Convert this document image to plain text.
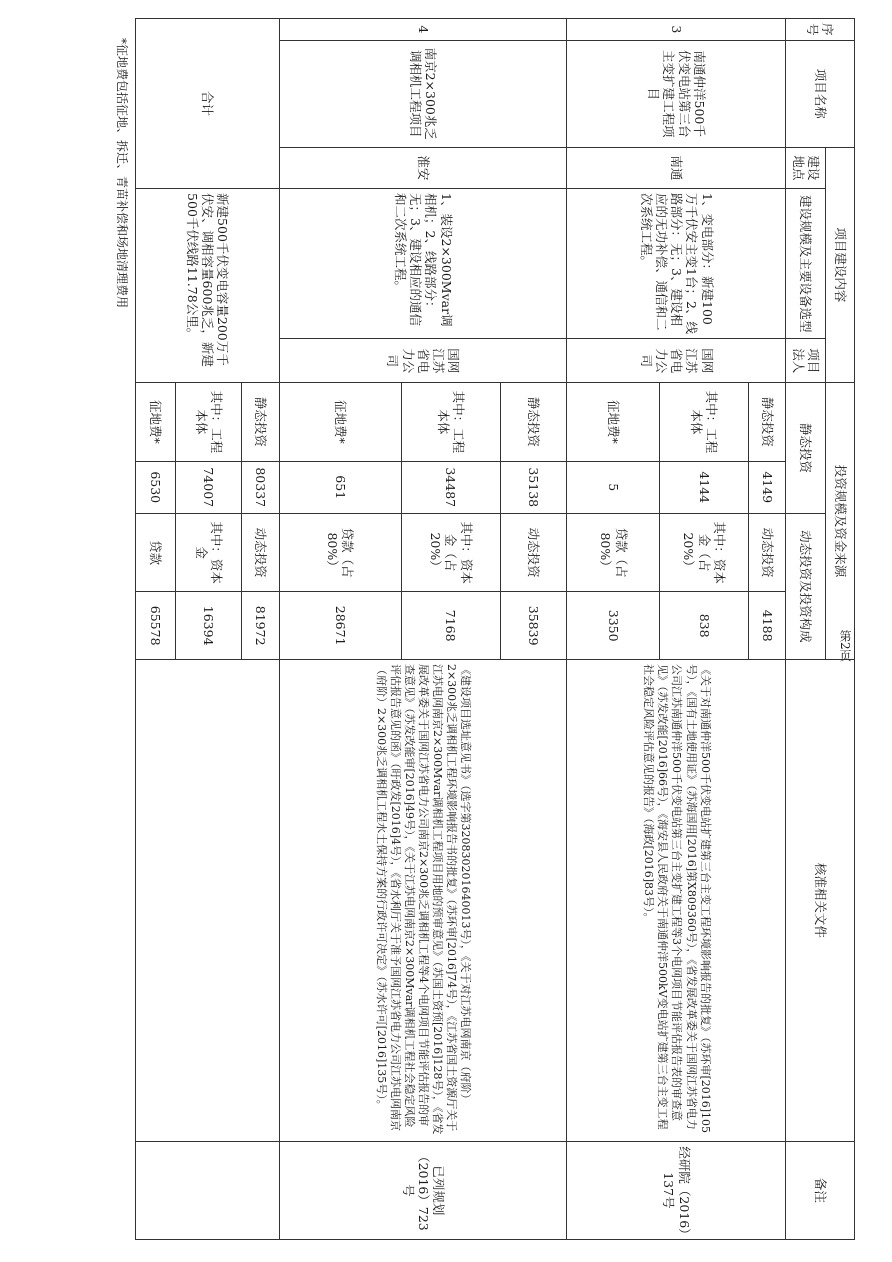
第2页
序号	项目名称	项目建设内容			投资规模及资金来源				核准相关文件	备注
		建设地点	建设规模及主要设备选型	项目法人	静态投资		动态投资及投资构成			
3	南通仲洋500千伏变电站第三台主变扩建工程项目	南通	1、变电部分：新建100万千伏安主变1台；2、线路部分：无；3、建设相应的无功补偿、通信和二次系统工程。	国网江苏省电力公司	静态投资	4149	动态投资	4188	《关于对南通仲洋500千伏变电站扩建第三台主变工程环境影响报告的批复》（苏环审[2016]105号），《国有土地使用证》（苏海国用[2016]第X809360号），《省发展改革委关于国网江苏省电力公司江苏南通仲洋500千伏变电站第三台主变扩建工程等3个电网项目节能评估报告表的审查意见》（苏发改能[2016]66号），《海安县人民政府关于南通仲洋500kV变电站扩建第三台主变工程社会稳定风险评估意见的报告》（海政[2016]83号）。	经研院（2016）137号
					其中：工程本体	4144	其中：资本金（占20%）	838		
					征地费*	5	贷款（占80%）	3350		
4	南京2×300兆乏调相机工程项目	淮安	1、装设2×300Mvar调相机；2、线路部分：无；3、建设相应的通信和二次系统工程。	国网江苏省电力公司	静态投资	35138	动态投资	35839	《建设项目选址意见书》（选字第320830201640013号），《关于对江苏电网南京（府阶）2×300兆乏调相机工程环境影响报告书的批复》（苏环审[2016]74号），《江苏省国土资源厅关于江苏电网南京2×300Mvar调相机工程项目用地的预审意见》（苏国土资预[2016]128号），《省发展改革委关于国网江苏省电力公司南京2×300兆乏调相机工程等4个电网项目节能评估报告的审查意见》（苏发改能审[2016]49号），《关于江苏电网南京2×300Mvar调相机工程社会稳定风险评估报告意见的函》（盱政发[2016]4号），《省水利厅关于准予国网江苏省电力公司江苏电网南京（府阶）2×300兆乏调相机工程水土保持方案的行政许可决定》（苏水许可[2016]135号）。	已列规划（2016）723号
					其中：工程本体	34487	其中：资本金（占20%）	7168		
					征地费*	651	贷款（占80%）	28671		
合计			新建500千伏变电容量200万千伏安、调相容量600兆乏，新建500千伏线路11.78公里。		静态投资	80337	动态投资	81972		
					其中：工程本体	74007	其中：资本金	16394		
					征地费*	6530	贷款	65578		
*征地费包括征地、拆迁、青苗补偿和场地清理费用
